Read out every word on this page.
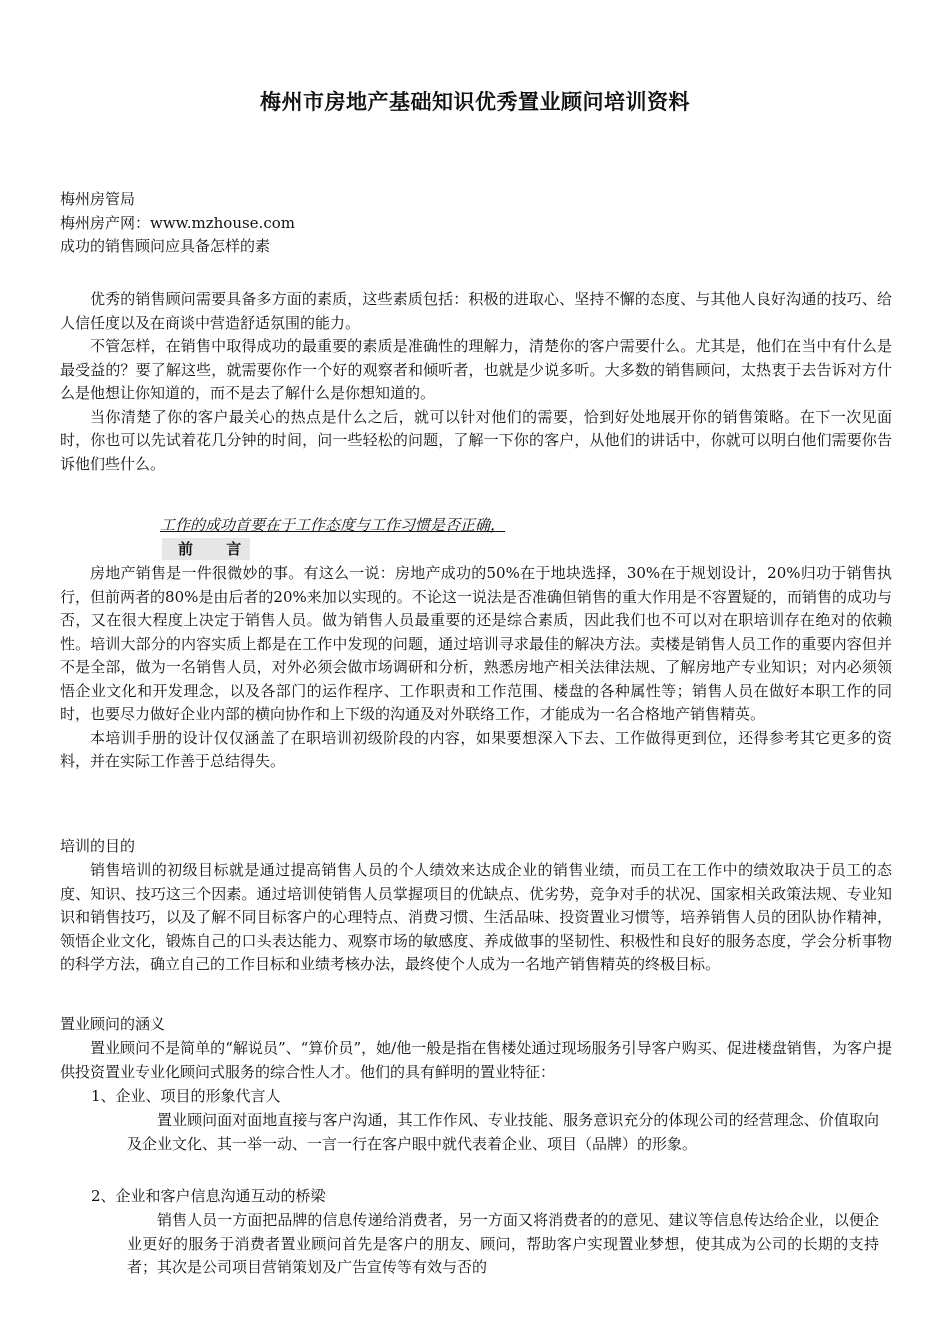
梅州市房地产基础知识优秀置业顾问培训资料
梅州房管局
梅州房产网：www.mzhouse.com
成功的销售顾问应具备怎样的素

优秀的销售顾问需要具备多方面的素质，这些素质包括：积极的进取心、坚持不懈的态度、与其他人良好沟通的技巧、给人信任度以及在商谈中营造舒适氛围的能力。

不管怎样，在销售中取得成功的最重要的素质是准确性的理解力，清楚你的客户需要什么。尤其是，他们在当中有什么是最受益的？要了解这些，就需要你作一个好的观察者和倾听者，也就是少说多听。大多数的销售顾问，太热衷于去告诉对方什么是他想让你知道的，而不是去了解什么是你想知道的。

当你清楚了你的客户最关心的热点是什么之后，就可以针对他们的需要，恰到好处地展开你的销售策略。在下一次见面时，你也可以先试着花几分钟的时间，问一些轻松的问题，了解一下你的客户，从他们的讲话中，你就可以明白他们需要你告诉他们些什么。

工作的成功首要在于工作态度与工作习惯是否正确，
前 言

房地产销售是一件很微妙的事。有这么一说：房地产成功的50%在于地块选择，30%在于规划设计，20%归功于销售执行，但前两者的80%是由后者的20%来加以实现的。不论这一说法是否准确但销售的重大作用是不容置疑的，而销售的成功与否，又在很大程度上决定于销售人员。做为销售人员最重要的还是综合素质，因此我们也不可以对在职培训存在绝对的依赖性。培训大部分的内容实质上都是在工作中发现的问题，通过培训寻求最佳的解决方法。卖楼是销售人员工作的重要内容但并不是全部，做为一名销售人员，对外必须会做市场调研和分析，熟悉房地产相关法律法规、了解房地产专业知识；对内必须领悟企业文化和开发理念，以及各部门的运作程序、工作职责和工作范围、楼盘的各种属性等；销售人员在做好本职工作的同时，也要尽力做好企业内部的横向协作和上下级的沟通及对外联络工作，才能成为一名合格地产销售精英。

本培训手册的设计仅仅涵盖了在职培训初级阶段的内容，如果要想深入下去、工作做得更到位，还得参考其它更多的资料，并在实际工作善于总结得失。

培训的目的

销售培训的初级目标就是通过提高销售人员的个人绩效来达成企业的销售业绩，而员工在工作中的绩效取决于员工的态度、知识、技巧这三个因素。通过培训使销售人员掌握项目的优缺点、优劣势，竞争对手的状况、国家相关政策法规、专业知识和销售技巧，以及了解不同目标客户的心理特点、消费习惯、生活品味、投资置业习惯等，培养销售人员的团队协作精神，领悟企业文化，锻炼自己的口头表达能力、观察市场的敏感度、养成做事的坚韧性、积极性和良好的服务态度，学会分析事物的科学方法，确立自己的工作目标和业绩考核办法，最终使个人成为一名地产销售精英的终极目标。

置业顾问的涵义

置业顾问不是简单的“解说员”、“算价员”，她/他一般是指在售楼处通过现场服务引导客户购买、促进楼盘销售，为客户提供投资置业专业化顾问式服务的综合性人才。他们的具有鲜明的置业特征：

1、企业、项目的形象代言人

置业顾问面对面地直接与客户沟通，其工作作风、专业技能、服务意识充分的体现公司的经营理念、价值取向及企业文化、其一举一动、一言一行在客户眼中就代表着企业、项目（品牌）的形象。

2、企业和客户信息沟通互动的桥梁

销售人员一方面把品牌的信息传递给消费者，另一方面又将消费者的的意见、建议等信息传达给企业，以便企业更好的服务于消费者置业顾问首先是客户的朋友、顾问，帮助客户实现置业梦想，使其成为公司的长期的支持者；其次是公司项目营销策划及广告宣传等有效与否的
